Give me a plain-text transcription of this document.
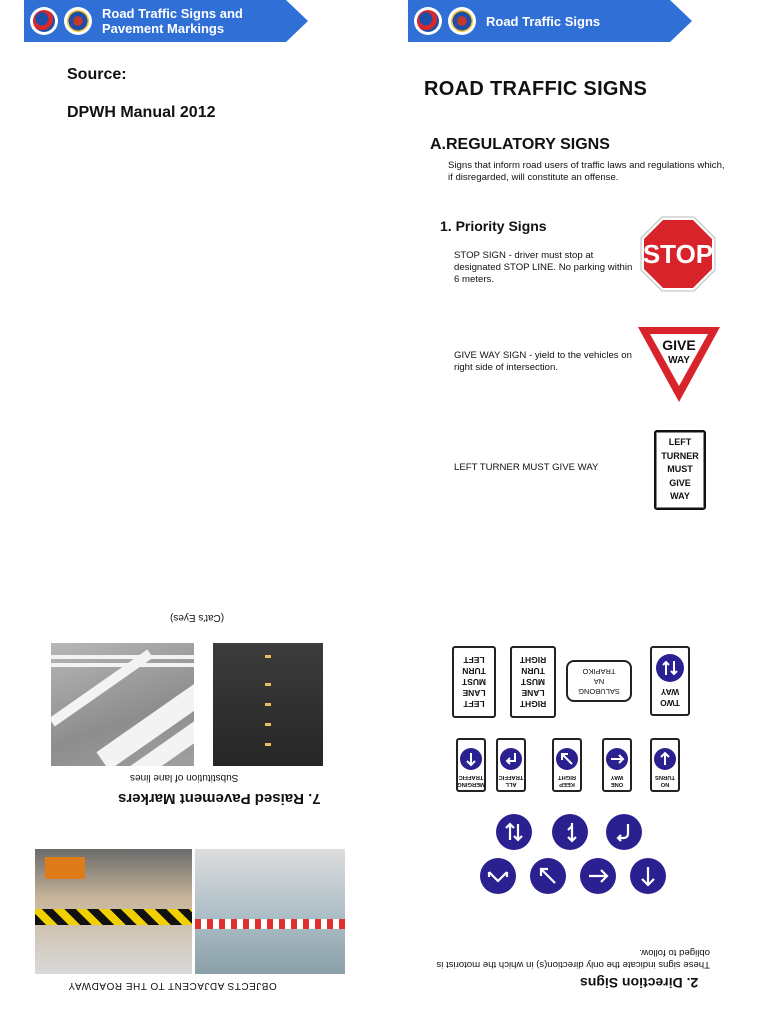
Road Traffic Signs and
Pavement Markings
Source:
DPWH Manual 2012
(Cat's Eyes)
Substitution of lane lines
7. Raised Pavement Markers
OBJECTS ADJACENT TO THE ROADWAY
Road Traffic Signs
ROAD TRAFFIC SIGNS
A.REGULATORY SIGNS
Signs that inform road users of traffic laws and regulations which, if disregarded, will constitute an offense.
1. Priority Signs
STOP SIGN - driver must stop at designated STOP LINE. No parking within 6 meters.
STOP
GIVE WAY SIGN - yield to the vehicles on right side of intersection.
GIVE
WAY
LEFT TURNER MUST GIVE WAY
LEFT
TURNER
MUST
GIVE
WAY
LEFT
LANE
MUST
TURN
LEFT
RIGHT
LANE
MUST
TURN
RIGHT
SALUBONG
NA
TRAPIKO
TWO
WAY
MERGING TRAFFIC
ALL TRAFFIC
KEEP RIGHT
ONE WAY
NO TURNS
These signs indicate the only direction(s) in which the motorist is obliged to follow.
2. Direction Signs
